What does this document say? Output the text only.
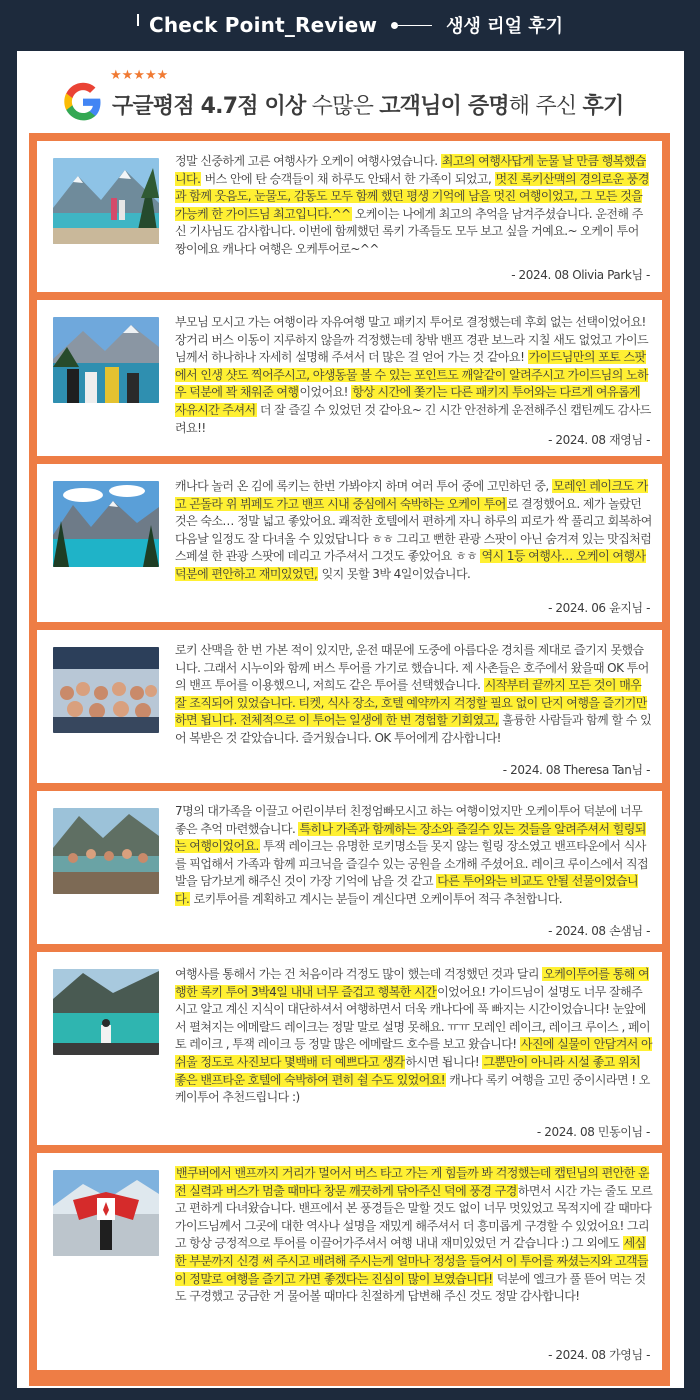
Check Point_Review	생생 리얼 후기
★★★★★
구글평점 4.7점 이상 수많은 고객님이 증명해 주신 후기
정말 신중하게 고른 여행사가 오케이 여행사였습니다. 최고의 여행사답게 눈물 날 만큼 행복했습니다. 버스 안에 탄 승객들이 채 하루도 안돼서 한 가족이 되었고, 멋진 록키산맥의 경의로운 풍경과 함께 웃음도, 눈물도, 감동도 모두 함께 했던 평생 기억에 남을 멋진 여행이었고, 그 모든 것을 가능케 한 가이드님 최고입니다.^^ 오케이는 나에게 최고의 추억을 남겨주셨습니다. 운전해 주신 기사님도 감사합니다. 이번에 함께했던 록키 가족들도 모두 보고 싶을 거예요.~ 오케이 투어 짱이에요 캐나다 여행은 오케투어로~^^
- 2024. 08 Olivia Park님 -
부모님 모시고 가는 여행이라 자유여행 말고 패키지 투어로 결정했는데 후회 없는 선택이었어요! 장거리 버스 이동이 지루하지 않을까 걱정했는데 창밖 밴프 경관 보느라 지칠 새도 없었고 가이드님께서 하나하나 자세히 설명해 주셔서 더 많은 걸 얻어 가는 것 같아요! 가이드님만의 포토 스팟에서 인생 샷도 찍어주시고, 야생동물 볼 수 있는 포인트도 깨알같이 알려주시고 가이드님의 노하우 덕분에 꽉 채워준 여행이었어요! 항상 시간에 쫓기는 다른 패키지 투어와는 다르게 여유롭게 자유시간 주셔서 더 잘 즐길 수 있었던 것 같아요~ 긴 시간 안전하게 운전해주신 캡틴께도 감사드려요!!
- 2024. 08 재영님 -
캐나다 놀러 온 김에 록키는 한번 가봐야지 하며 여러 투어 중에 고민하던 중, 모레인 레이크도 가고 곤돌라 위 뷔페도 가고 밴프 시내 중심에서 숙박하는 오케이 투어로 결정했어요. 제가 놀랐던 것은 숙소… 정말 넓고 좋았어요. 쾌적한 호텔에서 편하게 자니 하루의 피로가 싹 풀리고 회복하여 다음날 일정도 잘 다녀올 수 있었답니다 ㅎㅎ 그리고 뻔한 관광 스팟이 아닌 숨겨져 있는 맛집처럼 스페셜 한 관광 스팟에 데리고 가주셔서 그것도 좋았어요 ㅎㅎ 역시 1등 여행사… 오케이 여행사 덕분에 편안하고 재미있었던, 잊지 못할 3박 4일이었습니다.
- 2024. 06 윤지님 -
로키 산맥을 한 번 가본 적이 있지만, 운전 때문에 도중에 아름다운 경치를 제대로 즐기지 못했습니다. 그래서 시누이와 함께 버스 투어를 가기로 했습니다. 제 사촌들은 호주에서 왔을때 OK 투어의 밴프 투어를 이용했으니, 저희도 같은 투어를 선택했습니다. 시작부터 끝까지 모든 것이 매우 잘 조직되어 있었습니다. 티켓, 식사 장소, 호텔 예약까지 걱정할 필요 없이 단지 여행을 즐기기만 하면 됩니다. 전체적으로 이 투어는 일생에 한 번 경험할 기회였고, 훌륭한 사람들과 함께 할 수 있어 복받은 것 같았습니다. 즐거웠습니다. OK 투어에게 감사합니다!
- 2024. 08 Theresa Tan님 -
7명의 대가족을 이끌고 어린이부터 친정엄빠모시고 하는 여행이었지만 오케이투어 덕분에 너무 좋은 추억 마련했습니다. 특히나 가족과 함께하는 장소와 즐길수 있는 것들을 알려주셔서 힐링되는 여행이었어요. 투잭 레이크는 유명한 로키명소들 못지 않는 힐링 장소였고 밴프타운에서 식사를 픽업해서 가족과 함께 피크닉을 즐길수 있는 공원을 소개해 주셨어요. 레이크 루이스에서 직접 발을 담가보게 해주신 것이 가장 기억에 남을 것 같고 다른 투어와는 비교도 안될 선물이었습니다. 로키투어를 계획하고 계시는 분들이 계신다면 오케이투어 적극 추천합니다.
- 2024. 08 손샘님 -
여행사를 통해서 가는 건 처음이라 걱정도 많이 했는데 걱정했던 것과 달리 오케이투어를 통해 여행한 록키 투어 3박4일 내내 너무 즐겁고 행복한 시간이었어요! 가이드님이 설명도 너무 잘해주시고 알고 계신 지식이 대단하셔서 여행하면서 더욱 캐나다에 푹 빠지는 시간이었습니다! 눈앞에서 펼쳐지는 에메랄드 레이크는 정말 말로 설명 못해요. ㅠㅠ 모레인 레이크, 레이크 루이스 , 페이토 레이크 , 투잭 레이크 등 정말 많은 에메랄드 호수를 보고 왔습니다! 사진에 실물이 안담겨서 아쉬울 정도로 사진보다 몇백배 더 예쁘다고 생각하시면 됩니다! 그뿐만이 아니라 시설 좋고 위치 좋은 밴프타운 호텔에 숙박하여 편히 쉴 수도 있었어요! 캐나다 록키 여행을 고민 중이시라면 ! 오케이투어 추천드립니다 :)
- 2024. 08 민동이님 -
밴쿠버에서 밴프까지 거리가 멀어서 버스 타고 가는 게 힘들까 봐 걱정했는데 캡틴님의 편안한 운전 실력과 버스가 멈출 때마다 창문 깨끗하게 닦아주신 덕에 풍경 구경하면서 시간 가는 줄도 모르고 편하게 다녀왔습니다. 밴프에서 본 풍경들은 말할 것도 없이 너무 멋있었고 목적지에 갈 때마다 가이드님께서 그곳에 대한 역사나 설명을 재밌게 해주셔서 더 흥미롭게 구경할 수 있었어요! 그리고 항상 긍정적으로 투어를 이끌어가주셔서 여행 내내 재미있었던 거 같습니다 :) 그 외에도 세심한 부분까지 신경 써 주시고 배려해 주시는게 얼마나 정성을 들여서 이 투어를 짜셨는지와 고객들이 정말로 여행을 즐기고 가면 좋겠다는 진심이 많이 보였습니다! 덕분에 엘크가 풀 뜯어 먹는 것도 구경했고 궁금한 거 물어볼 때마다 친절하게 답변해 주신 것도 정말 감사합니다!
- 2024. 08 가영님 -
